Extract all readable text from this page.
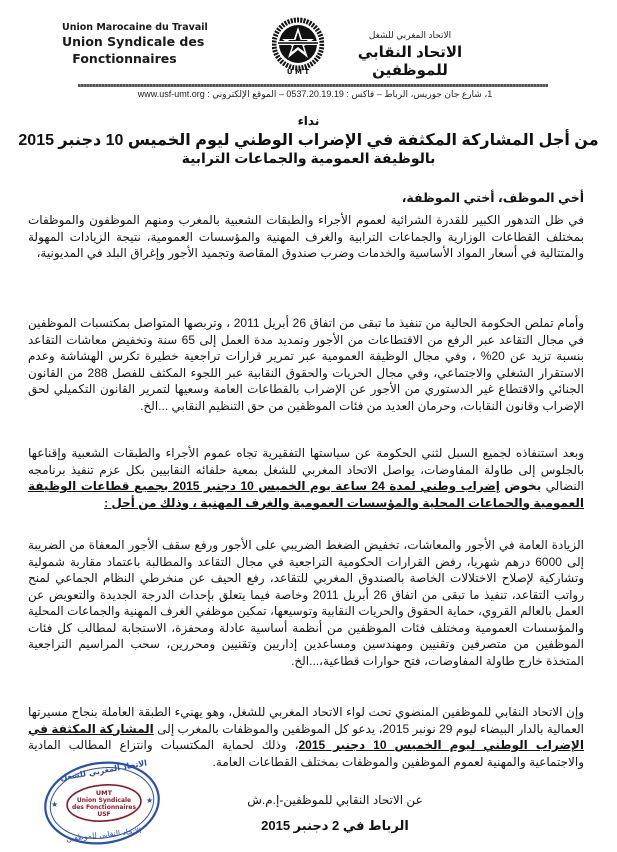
Union Marocaine du Travail
Union Syndicale des
Fonctionnaires
U M T
الاتحاد المغربي للشغل
الاتحاد النقابي للموظفين
1، شارع جان جوريس، الرباط – فاكس : 0537.20.19.19 – الموقع الإلكتروني : www.usf-umt.org
نداء
من أجل المشاركة المكثفة في الإضراب الوطني ليوم الخميس 10 دجنبر 2015
بالوظيفة العمومية والجماعات الترابية
أخي الموظف، أختي الموظفة،
في ظل التدهور الكبير للقدرة الشرائية لعموم الأجراء والطبقات الشعبية بالمغرب ومنهم الموظفون والموظفات بمختلف القطاعات الوزارية والجماعات الترابية والغرف المهنية والمؤسسات العمومية، نتيجة الزيادات المهولة والمتتالية في أسعار المواد الأساسية والخدمات وضرب صندوق المقاصة وتجميد الأجور وإغراق البلد في المديونية،
وأمام تملص الحكومة الحالية من تنفيذ ما تبقى من اتفاق 26 أبريل 2011 ، وتربصها المتواصل بمكتسبات الموظفين في مجال التقاعد عبر الرفع من الاقتطاعات من الأجور وتمديد مدة العمل إلى 65 سنة وتخفيض معاشات التقاعد بنسبة تزيد عن 20% ، وفي مجال الوظيفة العمومية عبر تمرير قرارات تراجعية خطيرة تكرس الهشاشة وعدم الاستقرار الشغلي والاجتماعي، وفي مجال الحريات والحقوق النقابية عبر اللجوء المكثف للفصل 288 من القانون الجنائي والاقتطاع غير الدستوري من الأجور عن الإضراب بالقطاعات العامة وسعيها لتمرير القانون التكميلي لحق الإضراب وقانون النقابات، وحرمان العديد من فئات الموظفين من حق التنظيم النقابي ...الخ.
وبعد استنفاذه لجميع السبل لثني الحكومة عن سياستها التفقيرية تجاه عموم الأجراء والطبقات الشعبية وإقناعها بالجلوس إلى طاولة المفاوضات، يواصل الاتحاد المغربي للشغل بمعية حلفائه النقابيين بكل عزم تنفيذ برنامجه النضالي بخوض إضراب وطني لمدة 24 ساعة يوم الخميس 10 دجنبر 2015 بجميع قطاعات الوظيفة العمومية والجماعات المحلية والمؤسسات العمومية والغرف المهنية ، وذلك من أجل :
الزيادة العامة في الأجور والمعاشات، تخفيض الضغط الضريبي على الأجور ورفع سقف الأجور المعفاة من الضريبة إلى 6000 درهم شهريا، رفض القرارات الحكومية التراجعية في مجال التقاعد والمطالبة باعتماد مقاربة شمولية وتشاركية لإصلاح الاختلالات الخاصة بالصندوق المغربي للتقاعد، رفع الحيف عن منخرطي النظام الجماعي لمنح رواتب التقاعد، تنفيذ ما تبقى من اتفاق 26 أبريل 2011 وخاصة فيما يتعلق بإحداث الدرجة الجديدة والتعويض عن العمل بالعالم القروي، حماية الحقوق والحريات النقابية وتوسيعها، تمكين موظفي الغرف المهنية والجماعات المحلية والمؤسسات العمومية ومختلف فئات الموظفين من أنظمة أساسية عادلة ومحفزة، الاستجابة لمطالب كل فئات الموظفين من متصرفين وتقنيين ومهندسين ومساعدين إداريين وتقنيين ومحررين، سحب المراسيم التراجعية المتخذة خارج طاولة المفاوضات، فتح حوارات قطاعية،...الخ.
وإن الاتحاد النقابي للموظفين المنضوي تحت لواء الاتحاد المغربي للشغل، وهو يهنيء الطبقة العاملة بنجاح مسيرتها العمالية بالدار البيضاء ليوم 29 نونبر 2015، يدعو كل الموظفين والموظفات بالمغرب إلى المشاركة المكثفة في الإضراب الوطني ليوم الخميس 10 دجنبر 2015، وذلك لحماية المكتسبات وانتزاع المطالب المادية والاجتماعية والمهنية لعموم الموظفين والموظفات بمختلف القطاعات العامة.
عن الاتحاد النقابي للموظفين-إ.م.ش
الرباط في 2 دجنبر 2015
الاتحاد المغربي للشغل
UMT
Union Syndicale
des Fonctionnaires
USF
الاتحاد النقابي للموظفين
★	★
